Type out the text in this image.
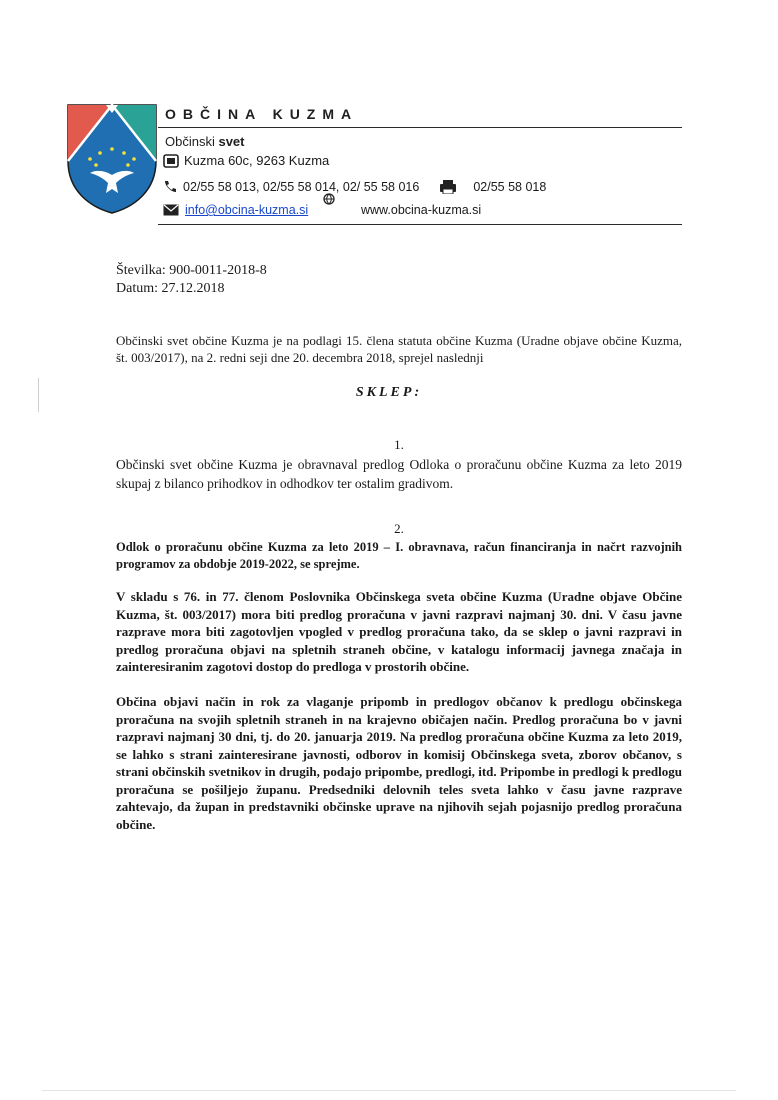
OBČINA KUZMA
Občinski svet
Kuzma 60c, 9263 Kuzma
02/55 58 013, 02/55 58 014, 02/ 55 58 016	02/55 58 018
info@obcina-kuzma.si	www.obcina-kuzma.si
Številka: 900-0011-2018-8
Datum: 27.12.2018
Občinski svet občine Kuzma je na podlagi 15. člena statuta občine Kuzma (Uradne objave občine Kuzma, št. 003/2017), na 2. redni seji dne 20. decembra 2018, sprejel naslednji
SKLEP:
1.
Občinski svet občine Kuzma je obravnaval predlog Odloka o proračunu občine Kuzma za leto 2019 skupaj z bilanco prihodkov in odhodkov ter ostalim gradivom.
2.
Odlok o proračunu občine Kuzma za leto 2019 – I. obravnava, račun financiranja in načrt razvojnih programov za obdobje 2019-2022, se sprejme.
V skladu s 76. in 77. členom Poslovnika Občinskega sveta občine Kuzma (Uradne objave Občine Kuzma, št. 003/2017) mora biti predlog proračuna v javni razpravi najmanj 30. dni. V času javne razprave mora biti zagotovljen vpogled v predlog proračuna tako, da se sklep o javni razpravi in predlog proračuna objavi na spletnih straneh občine, v katalogu informacij javnega značaja in zainteresiranim zagotovi dostop do predloga v prostorih občine.
Občina objavi način in rok za vlaganje pripomb in predlogov občanov k predlogu občinskega proračuna na svojih spletnih straneh in na krajevno običajen način. Predlog proračuna bo v javni razpravi najmanj 30 dni, tj. do 20. januarja 2019. Na predlog proračuna občine Kuzma za leto 2019, se lahko s strani zainteresirane javnosti, odborov in komisij Občinskega sveta, zborov občanov, s strani občinskih svetnikov in drugih, podajo pripombe, predlogi, itd. Pripombe in predlogi k predlogu proračuna se pošiljejo županu. Predsedniki delovnih teles sveta lahko v času javne razprave zahtevajo, da župan in predstavniki občinske uprave na njihovih sejah pojasnijo predlog proračuna občine.
